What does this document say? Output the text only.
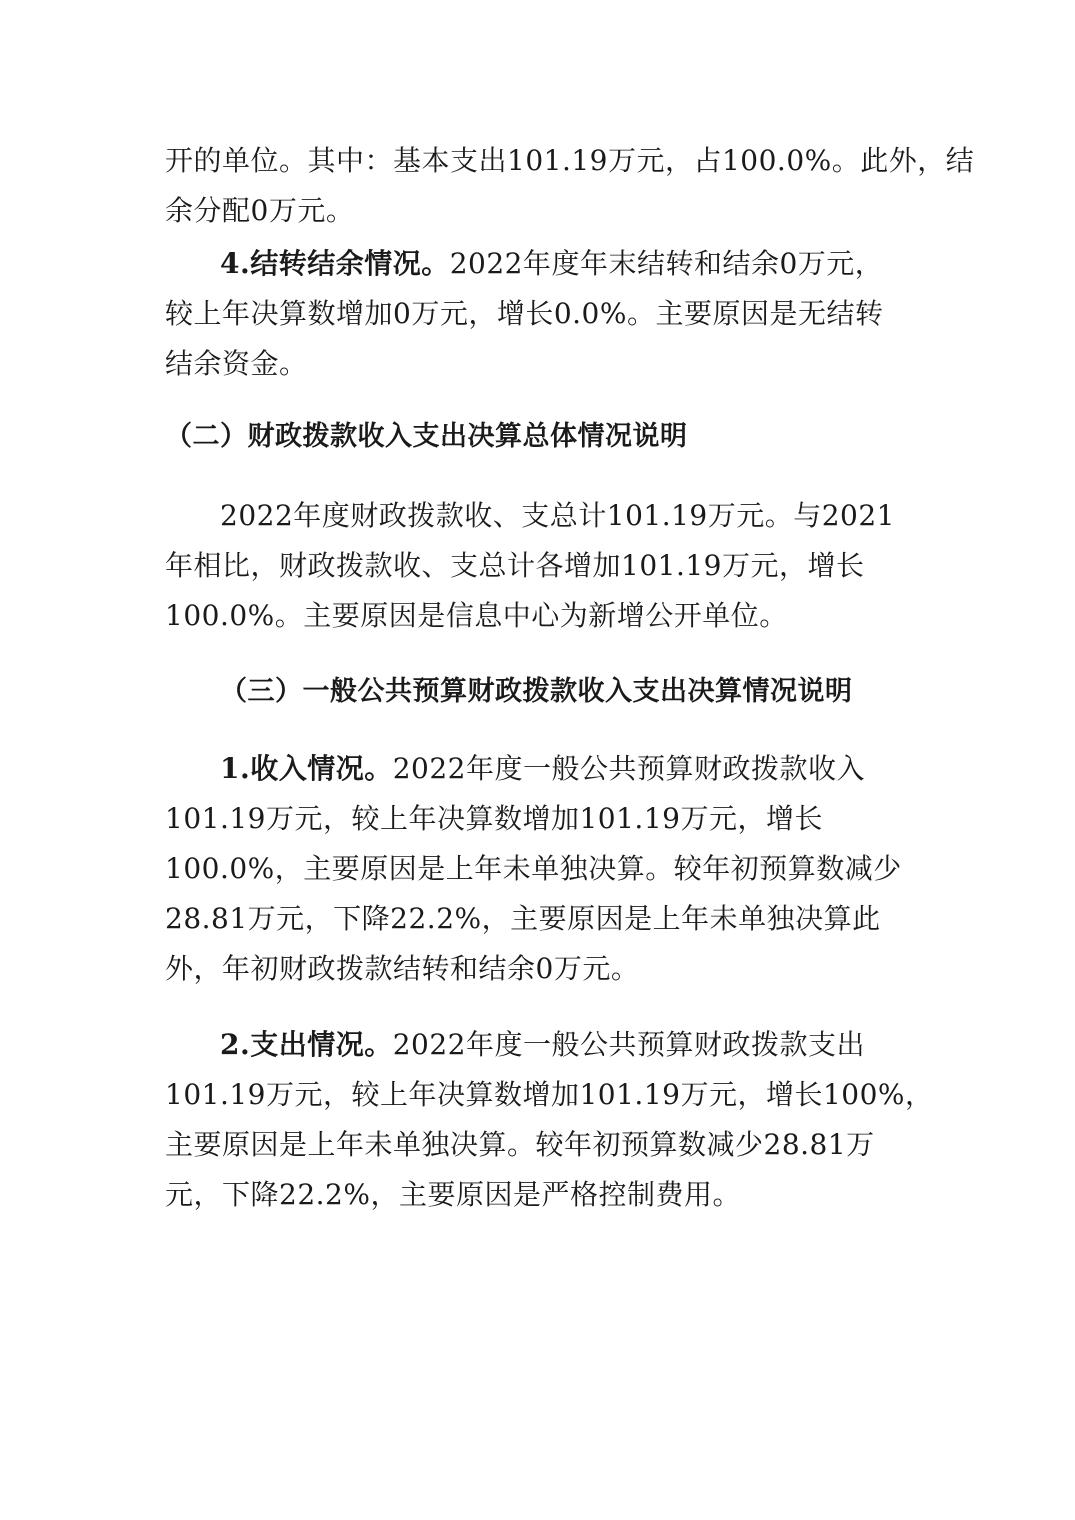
开的单位。其中：基本支出101.19万元，占100.0%。此外，结
余分配0万元。
4.结转结余情况。2022年度年末结转和结余0万元，
较上年决算数增加0万元，增长0.0%。主要原因是无结转
结余资金。
（二）财政拨款收入支出决算总体情况说明
2022年度财政拨款收、支总计101.19万元。与2021
年相比，财政拨款收、支总计各增加101.19万元，增长
100.0%。主要原因是信息中心为新增公开单位。
（三）一般公共预算财政拨款收入支出决算情况说明
1.收入情况。2022年度一般公共预算财政拨款收入
101.19万元，较上年决算数增加101.19万元，增长
100.0%，主要原因是上年未单独决算。较年初预算数减少
28.81万元，下降22.2%，主要原因是上年未单独决算此
外，年初财政拨款结转和结余0万元。
2.支出情况。2022年度一般公共预算财政拨款支出
101.19万元，较上年决算数增加101.19万元，增长100%，
主要原因是上年未单独决算。较年初预算数减少28.81万
元，下降22.2%，主要原因是严格控制费用。
